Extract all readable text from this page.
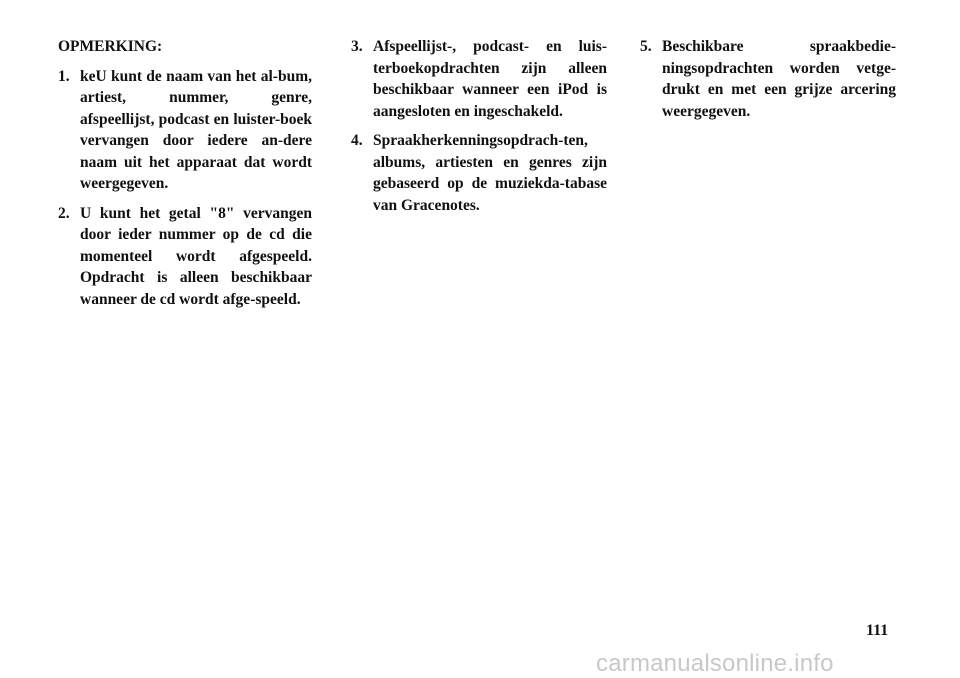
OPMERKING:
1. keU kunt de naam van het al-bum, artiest, nummer, genre, afspeellijst, podcast en luister-boek vervangen door iedere an-dere naam uit het apparaat dat wordt weergegeven.
2. U kunt het getal "8" vervangen door ieder nummer op de cd die momenteel wordt afgespeeld. Opdracht is alleen beschikbaar wanneer de cd wordt afge-speeld.
3. Afspeellijst-, podcast- en luis-terboekopdrachten zijn alleen beschikbaar wanneer een iPod is aangesloten en ingeschakeld.
4. Spraakherkenningsopdrach-ten, albums, artiesten en genres zijn gebaseerd op de muziekda-tabase van Gracenotes.
5. Beschikbare spraakbedie-ningsopdrachten worden vetge-drukt en met een grijze arcering weergegeven.
111
carmanualsonline.info
